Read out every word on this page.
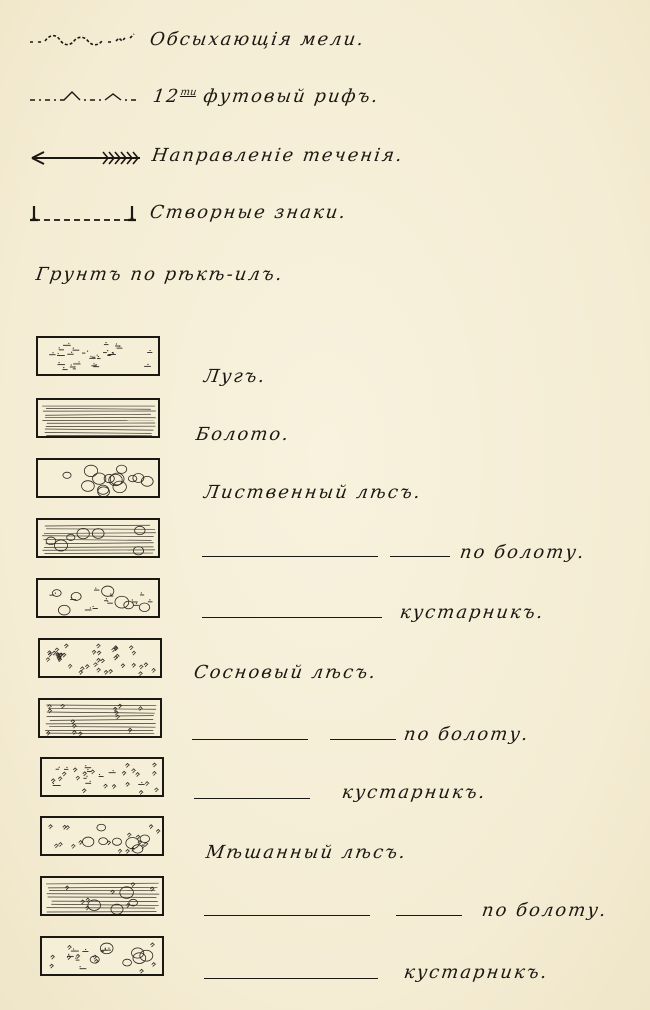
Обсыхающія мели.
$12^{ти}$ футовый рифъ.
Направленіе теченія.
Створные знаки.
Грунтъ по рѣкѣ-илъ.
Лугъ.
Болото.
Лиственный лѣсъ.
по болоту.
кустарникъ.
Сосновый лѣсъ.
по болоту.
кустарникъ.
Мѣшанный лѣсъ.
по болоту.
кустарникъ.
